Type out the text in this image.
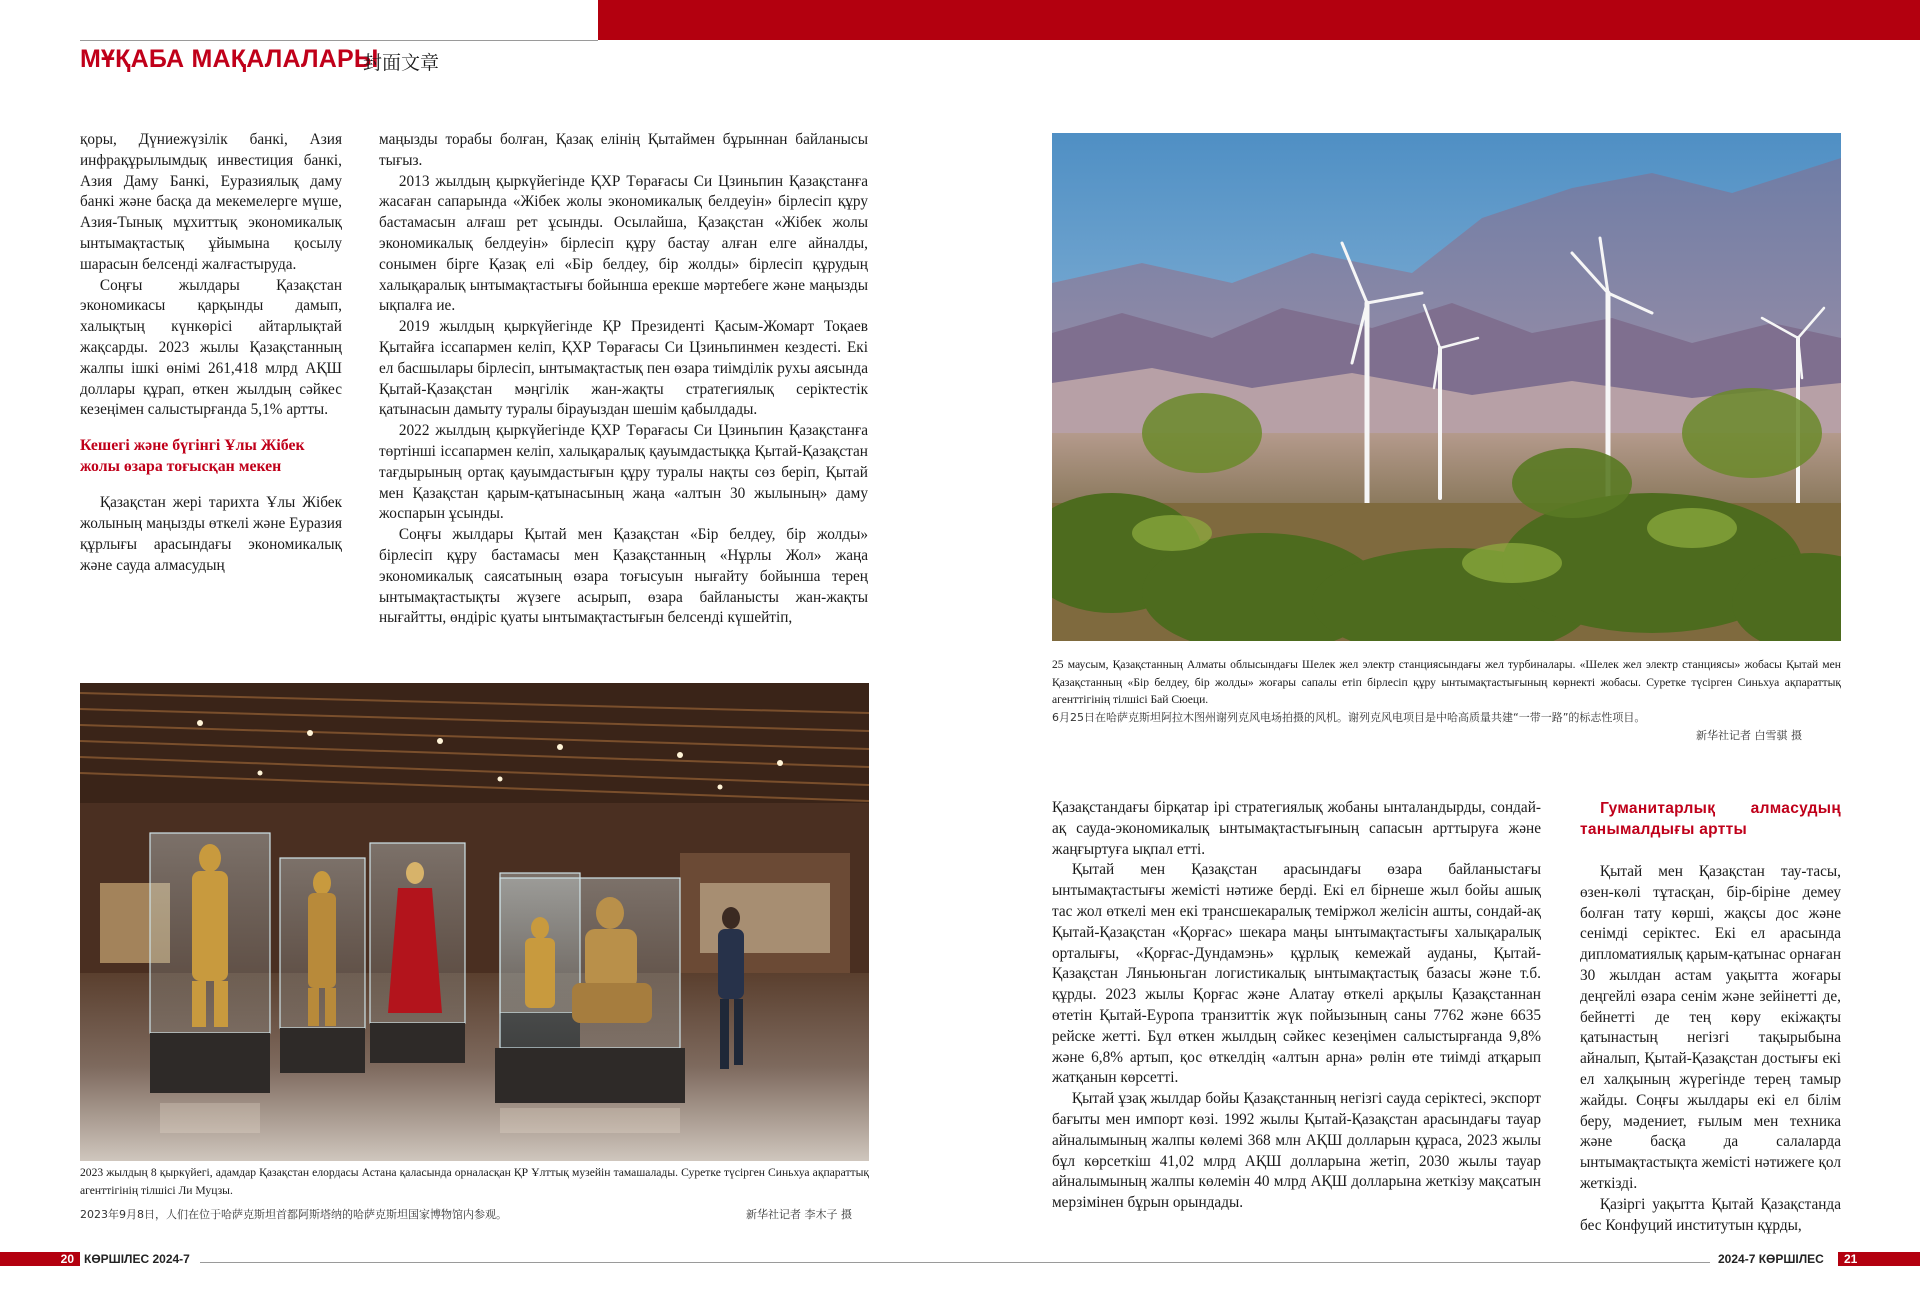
МҰҚАБА МАҚАЛАЛАРЫ
封面文章

қоры, Дүниежүзілік банкі, Азия инфрақұрылымдық инвестиция банкі, Азия Даму Банкі, Еуразиялық даму банкі және басқа да мекемелерге мүше, Азия-Тынық мұхиттық экономикалық ынтымақтастық ұйымына қосылу шарасын белсенді жалғастыруда.

Соңғы жылдары Қазақстан экономикасы қарқынды дамып, халықтың күнкөрісі айтарлықтай жақсарды. 2023 жылы Қазақстанның жалпы ішкі өнімі 261,418 млрд АҚШ доллары құрап, өткен жылдың сәйкес кезеңімен салыстырғанда 5,1% артты.

Кешегі және бүгінгі Ұлы Жібек жолы өзара тоғысқан мекен

Қазақстан жері тарихта Ұлы Жібек жолының маңызды өткелі және Еуразия құрлығы арасындағы экономикалық және сауда алмасудың

маңызды торабы болған, Қазақ елінің Қытаймен бұрыннан байланысы тығыз.

2013 жылдың қыркүйегінде ҚХР Төрағасы Си Цзиньпин Қазақстанға жасаған сапарында «Жібек жолы экономикалық белдеуін» бірлесіп құру бастамасын алғаш рет ұсынды. Осылайша, Қазақстан «Жібек жолы экономикалық белдеуін» бірлесіп құру бастау алған елге айналды, сонымен бірге Қазақ елі «Бір белдеу, бір жолды» бірлесіп құрудың халықаралық ынтымақтастығы бойынша ерекше мәртебеге және маңызды ықпалға ие.

2019 жылдың қыркүйегінде ҚР Президенті Қасым-Жомарт Тоқаев Қытайға іссапармен келіп, ҚХР Төрағасы Си Цзиньпинмен кездесті. Екі ел басшылары бірлесіп, ынтымақтастық пен өзара тиімділік рухы аясында Қытай-Қазақстан мәңгілік жан-жақты стратегиялық серіктестік қатынасын дамыту туралы бірауыздан шешім қабылдады.

2022 жылдың қыркүйегінде ҚХР Төрағасы Си Цзиньпин Қазақстанға төртінші іссапармен келіп, халықаралық қауымдастыққа Қытай-Қазақстан тағдырының ортақ қауымдастығын құру туралы нақты сөз беріп, Қытай мен Қазақстан қарым-қатынасының жаңа «алтын 30 жылының» даму жоспарын ұсынды.

Соңғы жылдары Қытай мен Қазақстан «Бір белдеу, бір жолды» бірлесіп құру бастамасы мен Қазақстанның «Нұрлы Жол» жаңа экономикалық саясатының өзара тоғысуын нығайту бойынша терең ынтымақтастықты жүзеге асырып, өзара байланысты жан-жақты нығайтты, өндіріс қуаты ынтымақтастығын белсенді күшейтіп,

2023 жылдың 8 қыркүйегі, адамдар Қазақстан елордасы Астана қаласында орналасқан ҚР Ұлттық музейін тамашалады. Суретке түсірген Синьхуа ақпараттық агенттігінің тілшісі Ли Муцзы.
2023年9月8日，人们在位于哈萨克斯坦首都阿斯塔纳的哈萨克斯坦国家博物馆内参观。	新华社记者 李木子 摄
25 маусым, Қазақстанның Алматы облысындағы Шелек жел электр станциясындағы жел турбиналары. «Шелек жел электр станциясы» жобасы Қытай мен Қазақстанның «Бір белдеу, бір жолды» жоғары сапалы етіп бірлесіп құру ынтымақтастығының көрнекті жобасы. Суретке түсірген Синьхуа ақпараттық агенттігінің тілшісі Бай Сюеци.
6月25日在哈萨克斯坦阿拉木图州谢列克风电场拍摄的风机。谢列克风电项目是中哈高质量共建“一带一路”的标志性项目。
新华社记者 白雪骐 摄

Қазақстандағы бірқатар ірі стратегиялық жобаны ынталандырды, сондай-ақ сауда-экономикалық ынтымақтастығының сапасын арттыруға және жаңғыртуға ықпал етті.

Қытай мен Қазақстан арасындағы өзара байланыстағы ынтымақтастығы жемісті нәтиже берді. Екі ел бірнеше жыл бойы ашық тас жол өткелі мен екі трансшекаралық теміржол желісін ашты, сондай-ақ Қытай-Қазақстан «Қорғас» шекара маңы ынтымақтастығы халықаралық орталығы, «Қорғас-Дундамэнь» құрлық кемежай ауданы, Қытай-Қазақстан Ляньюньган логистикалық ынтымақтастық базасы және т.б. құрды. 2023 жылы Қорғас және Алатау өткелі арқылы Қазақстаннан өтетін Қытай-Еуропа транзиттік жүк пойызының саны 7762 және 6635 рейске жетті. Бұл өткен жылдың сәйкес кезеңімен салыстырғанда 9,8% және 6,8% артып, қос өткелдің «алтын арна» рөлін өте тиімді атқарып жатқанын көрсетті.

Қытай ұзақ жылдар бойы Қазақстанның негізгі сауда серіктесі, экспорт бағыты мен импорт көзі. 1992 жылы Қытай-Қазақстан арасындағы тауар айналымының жалпы көлемі 368 млн АҚШ долларын құраса, 2023 жылы бұл көрсеткіш 41,02 млрд АҚШ долларына жетіп, 2030 жылы тауар айналымының жалпы көлемін 40 млрд АҚШ долларына жеткізу мақсатын мерзімінен бұрын орындады.

Гуманитарлық алмасудың танымалдығы артты

Қытай мен Қазақстан тау-тасы, өзен-көлі тұтасқан, бір-біріне демеу болған тату көрші, жақсы дос және сенімді серіктес. Екі ел арасында дипломатиялық қарым-қатынас орнаған 30 жылдан астам уақытта жоғары деңгейлі өзара сенім және зейінетті де, бейнетті де тең көру екіжақты қатынастың негізгі тақырыбына айналып, Қытай-Қазақстан достығы екі ел халқының жүрегінде терең тамыр жайды. Соңғы жылдары екі ел білім беру, мәдениет, ғылым мен техника және басқа да салаларда ынтымақтастықта жемісті нәтижеге қол жеткізді.

Қазіргі уақытта Қытай Қазақстанда бес Конфуций институтын құрды,

20 КӨРШІЛЕС 2024-7	2024-7 КӨРШІЛЕС	21
